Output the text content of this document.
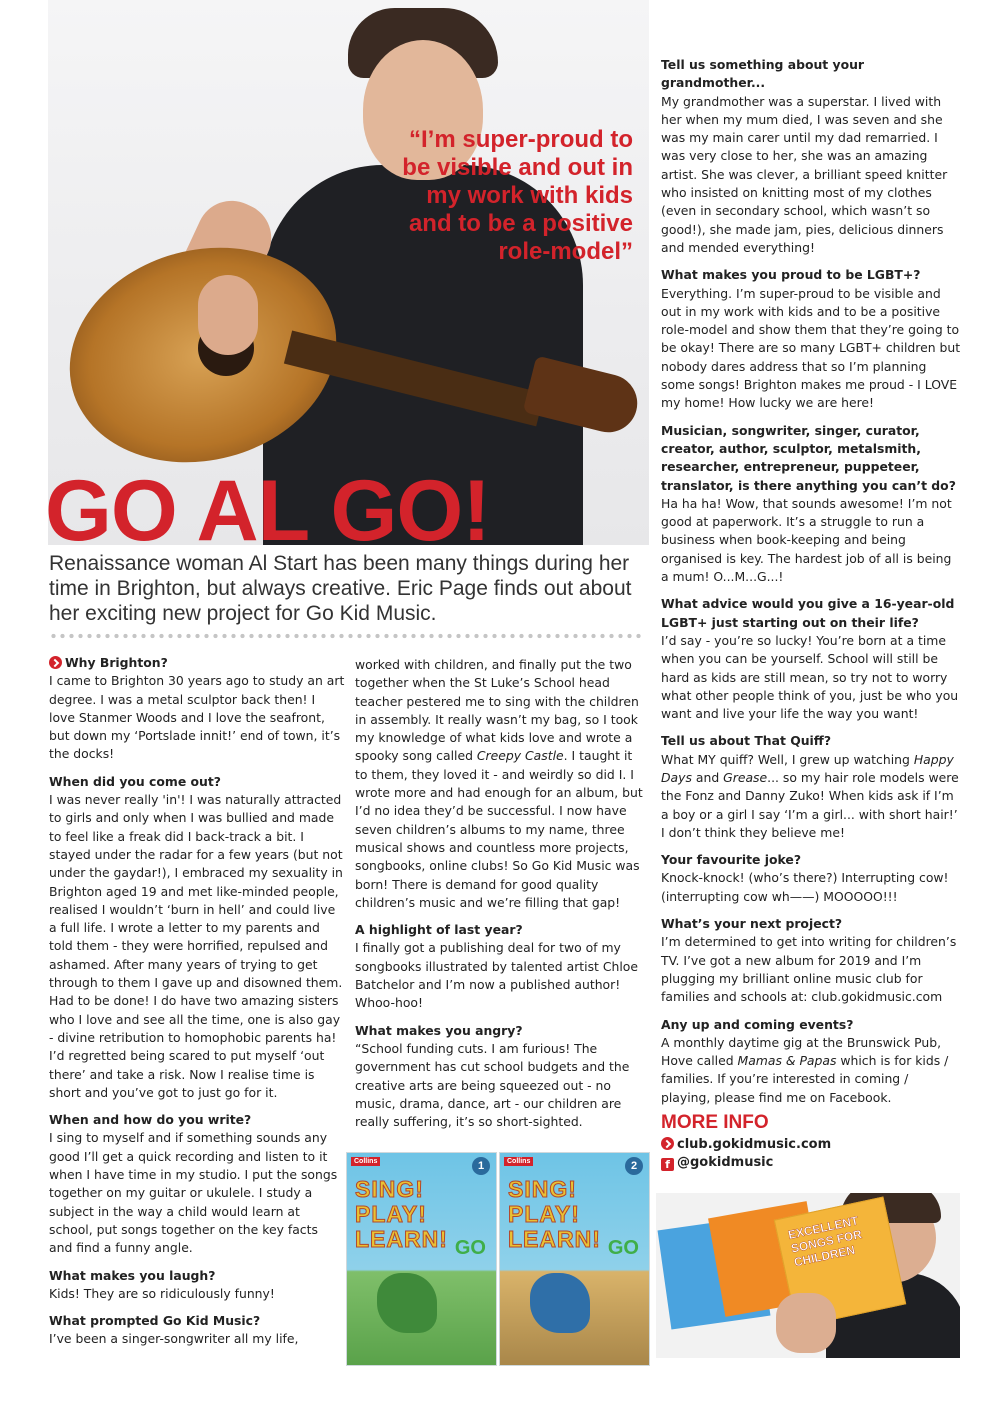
“I’m super-proud to be visible and out in my work with kids and to be a positive role-model”
GO AL GO!
Renaissance woman Al Start has been many things during her time in Brighton, but always creative. Eric Page finds out about her exciting new project for Go Kid Music.

Why Brighton?

I came to Brighton 30 years ago to study an art degree. I was a metal sculptor back then! I love Stanmer Woods and I love the seafront, but down my ‘Portslade innit!’ end of town, it’s the docks!

When did you come out?

I was never really 'in'! I was naturally attracted to girls and only when I was bullied and made to feel like a freak did I back-track a bit. I stayed under the radar for a few years (but not under the gaydar!), I embraced my sexuality in Brighton aged 19 and met like-minded people, realised I wouldn’t ‘burn in hell’ and could live a full life. I wrote a letter to my parents and told them - they were horrified, repulsed and ashamed. After many years of trying to get through to them I gave up and disowned them. Had to be done! I do have two amazing sisters who I love and see all the time, one is also gay - divine retribution to homophobic parents ha! I’d regretted being scared to put myself ‘out there’ and take a risk. Now I realise time is short and you’ve got to just go for it.

When and how do you write?

I sing to myself and if something sounds any good I’ll get a quick recording and listen to it when I have time in my studio. I put the songs together on my guitar or ukulele. I study a subject in the way a child would learn at school, put songs together on the key facts and find a funny angle.

What makes you laugh?

Kids! They are so ridiculously funny!

What prompted Go Kid Music?

I’ve been a singer-songwriter all my life,

worked with children, and finally put the two together when the St Luke’s School head teacher pestered me to sing with the children in assembly. It really wasn’t my bag, so I took my knowledge of what kids love and wrote a spooky song called Creepy Castle. I taught it to them, they loved it - and weirdly so did I. I wrote more and had enough for an album, but I’d no idea they’d be successful. I now have seven children’s albums to my name, three musical shows and countless more projects, songbooks, online clubs! So Go Kid Music was born! There is demand for good quality children’s music and we’re filling that gap!

A highlight of last year?

I finally got a publishing deal for two of my songbooks illustrated by talented artist Chloe Batchelor and I’m now a published author! Whoo-hoo!

What makes you angry?

“School funding cuts. I am furious! The government has cut school budgets and the creative arts are being squeezed out - no music, drama, dance, art - our children are really suffering, it’s so short-sighted.

Tell us something about your grandmother...

My grandmother was a superstar. I lived with her when my mum died, I was seven and she was my main carer until my dad remarried. I was very close to her, she was an amazing artist. She was clever, a brilliant speed knitter who insisted on knitting most of my clothes (even in secondary school, which wasn’t so good!), she made jam, pies, delicious dinners and mended everything!

What makes you proud to be LGBT+?

Everything. I’m super-proud to be visible and out in my work with kids and to be a positive role-model and show them that they’re going to be okay! There are so many LGBT+ children but nobody dares address that so I’m planning some songs! Brighton makes me proud - I LOVE my home! How lucky we are here!

Musician, songwriter, singer, curator, creator, author, sculptor, metalsmith, researcher, entrepreneur, puppeteer, translator, is there anything you can’t do?

Ha ha ha! Wow, that sounds awesome! I’m not good at paperwork. It’s a struggle to run a business when book-keeping and being organised is key. The hardest job of all is being a mum! O...M...G...!

What advice would you give a 16-year-old LGBT+ just starting out on their life?

I’d say - you’re so lucky! You’re born at a time when you can be yourself. School will still be hard as kids are still mean, so try not to worry what other people think of you, just be who you want and live your life the way you want!

Tell us about That Quiff?

What MY quiff? Well, I grew up watching Happy Days and Grease... so my hair role models were the Fonz and Danny Zuko! When kids ask if I’m a boy or a girl I say ‘I’m a girl... with short hair!’ I don’t think they believe me!

Your favourite joke?

Knock-knock! (who’s there?) Interrupting cow! (interrupting cow wh——) MOOOOO!!!

What’s your next project?

I’m determined to get into writing for children’s TV. I’ve got a new album for 2019 and I’m plugging my brilliant online music club for families and schools at: club.gokidmusic.com

Any up and coming events?

A monthly daytime gig at the Brunswick Pub, Hove called Mamas & Papas which is for kids / families. If you’re interested in coming / playing, please find me on Facebook.

MORE INFO
club.gokidmusic.com
f @gokidmusic
Collins	1
SING! PLAY! LEARN! GO
Collins	2
SING! PLAY! LEARN! GO
EXCELLENT SONGS FOR CHILDREN
